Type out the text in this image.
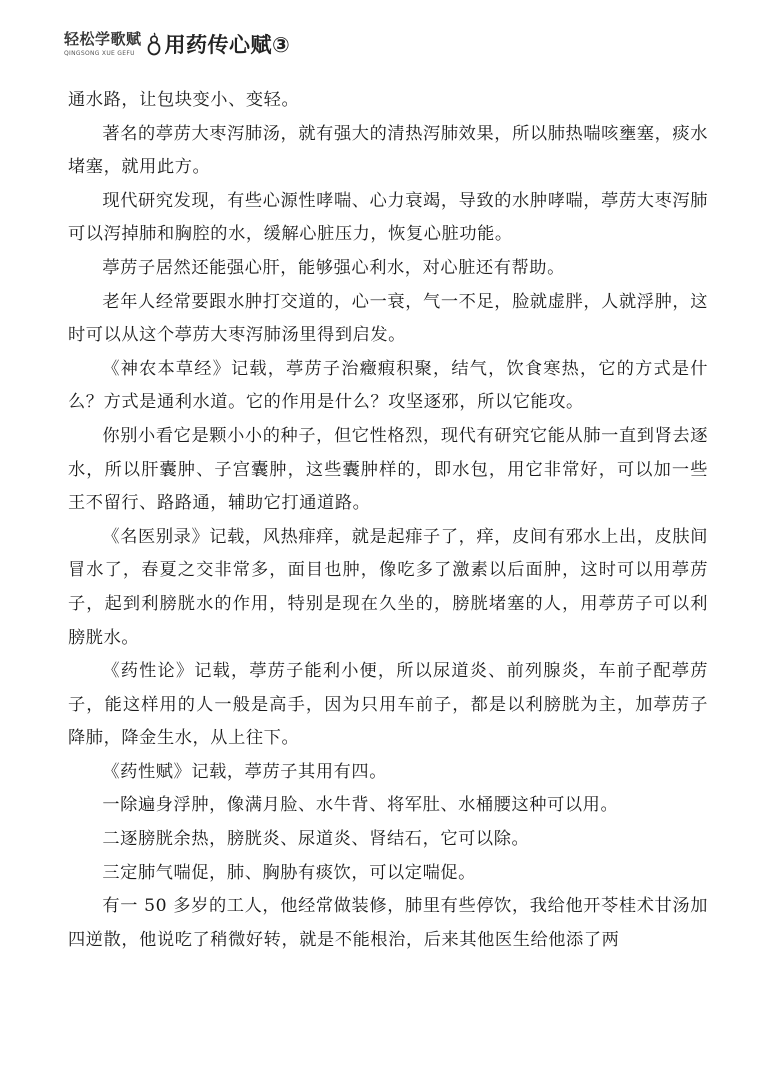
轻松学歌赋
QINGSONG XUE GEFU	用药传心赋③

通水路，让包块变小、变轻。

著名的葶苈大枣泻肺汤，就有强大的清热泻肺效果，所以肺热喘咳壅塞，痰水堵塞，就用此方。

现代研究发现，有些心源性哮喘、心力衰竭，导致的水肿哮喘，葶苈大枣泻肺可以泻掉肺和胸腔的水，缓解心脏压力，恢复心脏功能。

葶苈子居然还能强心肝，能够强心利水，对心脏还有帮助。

老年人经常要跟水肿打交道的，心一衰，气一不足，脸就虚胖，人就浮肿，这时可以从这个葶苈大枣泻肺汤里得到启发。

《神农本草经》记载，葶苈子治癥瘕积聚，结气，饮食寒热，它的方式是什么？方式是通利水道。它的作用是什么？攻坚逐邪，所以它能攻。

你别小看它是颗小小的种子，但它性格烈，现代有研究它能从肺一直到肾去逐水，所以肝囊肿、子宫囊肿，这些囊肿样的，即水包，用它非常好，可以加一些王不留行、路路通，辅助它打通道路。

《名医别录》记载，风热痱痒，就是起痱子了，痒，皮间有邪水上出，皮肤间冒水了，春夏之交非常多，面目也肿，像吃多了激素以后面肿，这时可以用葶苈子，起到利膀胱水的作用，特别是现在久坐的，膀胱堵塞的人，用葶苈子可以利膀胱水。

《药性论》记载，葶苈子能利小便，所以尿道炎、前列腺炎，车前子配葶苈子，能这样用的人一般是高手，因为只用车前子，都是以利膀胱为主，加葶苈子降肺，降金生水，从上往下。

《药性赋》记载，葶苈子其用有四。

一除遍身浮肿，像满月脸、水牛背、将军肚、水桶腰这种可以用。

二逐膀胱余热，膀胱炎、尿道炎、肾结石，它可以除。

三定肺气喘促，肺、胸胁有痰饮，可以定喘促。

有一 50 多岁的工人，他经常做装修，肺里有些停饮，我给他开苓桂术甘汤加四逆散，他说吃了稍微好转，就是不能根治，后来其他医生给他添了两
